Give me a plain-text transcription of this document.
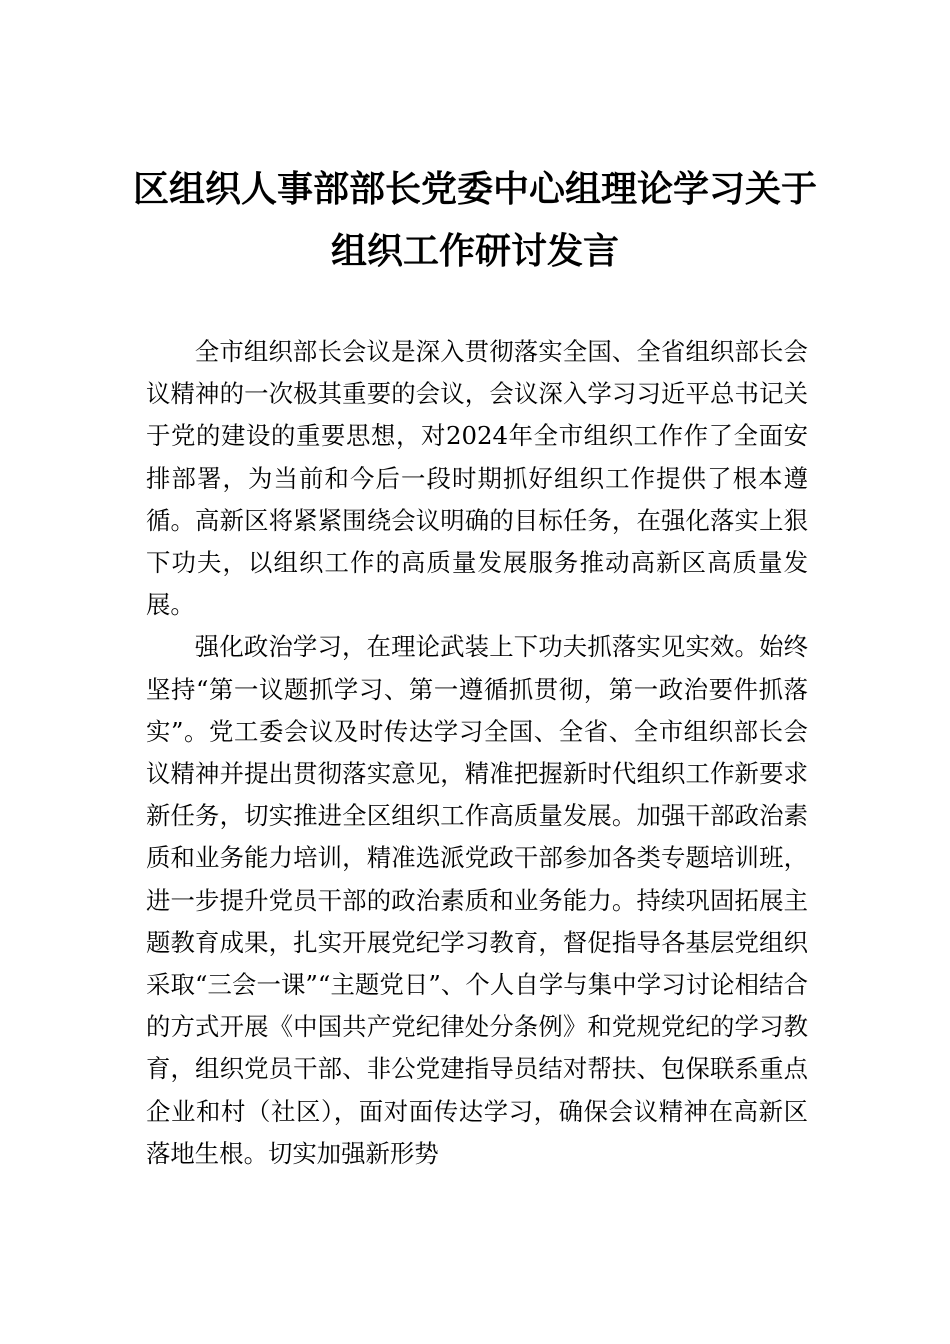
区组织人事部部长党委中心组理论学习关于组织工作研讨发言

全市组织部长会议是深入贯彻落实全国、全省组织部长会议精神的一次极其重要的会议，会议深入学习习近平总书记关于党的建设的重要思想，对2024年全市组织工作作了全面安排部署，为当前和今后一段时期抓好组织工作提供了根本遵循。高新区将紧紧围绕会议明确的目标任务，在强化落实上狠下功夫，以组织工作的高质量发展服务推动高新区高质量发展。

强化政治学习，在理论武装上下功夫抓落实见实效。始终坚持“第一议题抓学习、第一遵循抓贯彻，第一政治要件抓落实”。党工委会议及时传达学习全国、全省、全市组织部长会议精神并提出贯彻落实意见，精准把握新时代组织工作新要求新任务，切实推进全区组织工作高质量发展。加强干部政治素质和业务能力培训，精准选派党政干部参加各类专题培训班，进一步提升党员干部的政治素质和业务能力。持续巩固拓展主题教育成果，扎实开展党纪学习教育，督促指导各基层党组织采取“三会一课”“主题党日”、个人自学与集中学习讨论相结合的方式开展《中国共产党纪律处分条例》和党规党纪的学习教育，组织党员干部、非公党建指导员结对帮扶、包保联系重点企业和村（社区），面对面传达学习，确保会议精神在高新区落地生根。切实加强新形势
